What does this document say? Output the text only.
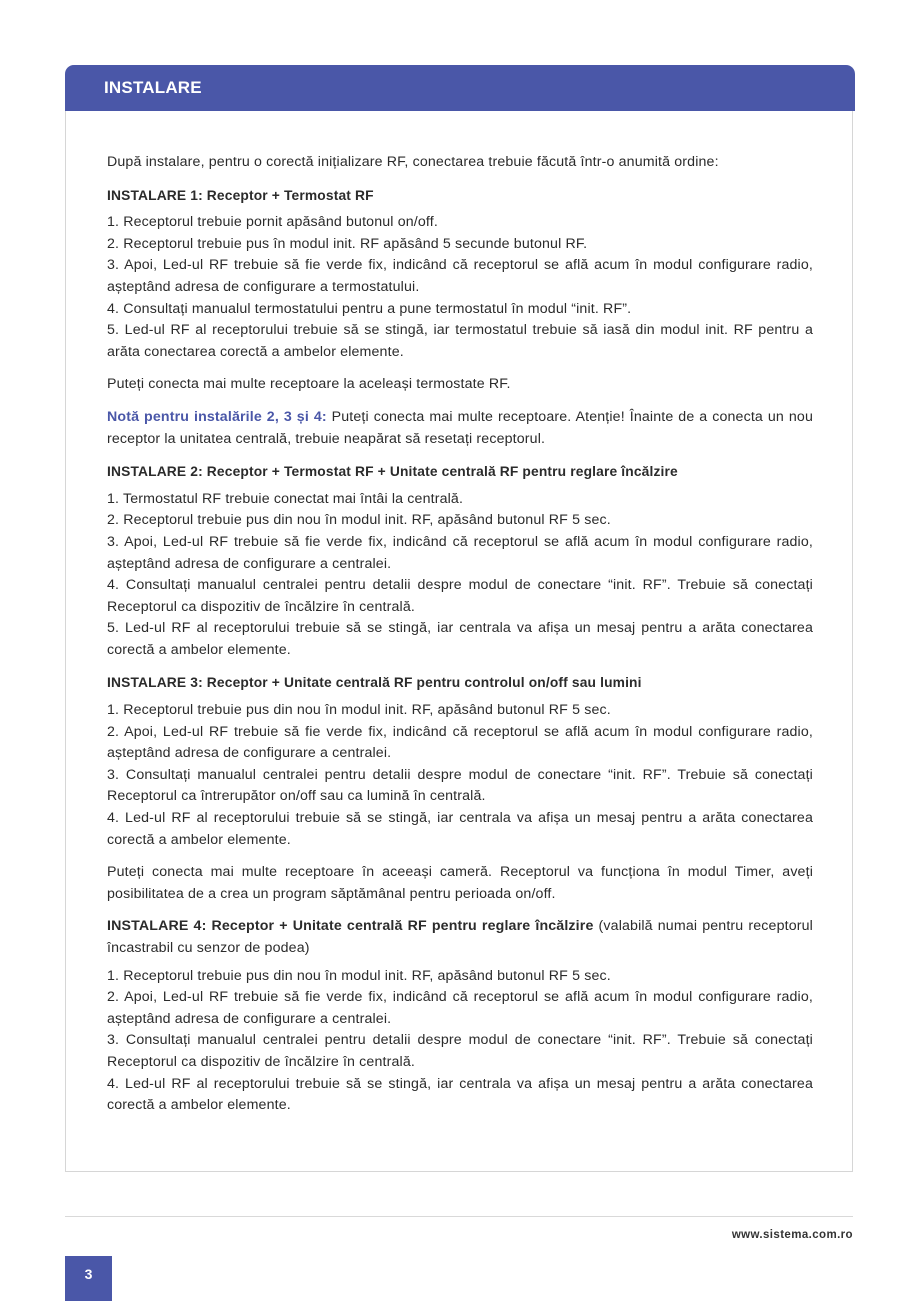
INSTALARE

După instalare, pentru o corectă inițializare RF, conectarea trebuie făcută într-o anumită ordine:

INSTALARE 1: Receptor + Termostat RF

1. Receptorul trebuie pornit apăsând butonul on/off.

2. Receptorul trebuie pus în modul init. RF apăsând 5 secunde butonul RF.

3. Apoi, Led-ul RF trebuie să fie verde fix, indicând că receptorul se află acum în modul configurare radio, așteptând adresa de configurare a termostatului.

4. Consultați manualul termostatului pentru a pune termostatul în modul “init. RF”.

5. Led-ul RF al receptorului trebuie să se stingă, iar termostatul trebuie să iasă din modul init. RF pentru a arăta conectarea corectă a ambelor elemente.

Puteți conecta mai multe receptoare la aceleași termostate RF.

Notă pentru instalările 2, 3 și 4: Puteți conecta mai multe receptoare. Atenție! Înainte de a conecta un nou receptor la unitatea centrală, trebuie neapărat să resetați receptorul.

INSTALARE 2: Receptor + Termostat RF + Unitate centrală RF pentru reglare încălzire

1. Termostatul RF trebuie conectat mai întâi la centrală.

2. Receptorul trebuie pus din nou în modul init. RF, apăsând butonul RF 5 sec.

3. Apoi, Led-ul RF trebuie să fie verde fix, indicând că receptorul se află acum în modul configurare radio, așteptând adresa de configurare a centralei.

4. Consultați manualul centralei pentru detalii despre modul de conectare “init. RF”. Trebuie să conectați Receptorul ca dispozitiv de încălzire în centrală.

5. Led-ul RF al receptorului trebuie să se stingă, iar centrala va afișa un mesaj pentru a arăta conectarea corectă a ambelor elemente.

INSTALARE 3: Receptor + Unitate centrală RF pentru controlul on/off sau lumini

1. Receptorul trebuie pus din nou în modul init. RF, apăsând butonul RF 5 sec.

2. Apoi, Led-ul RF trebuie să fie verde fix, indicând că receptorul se află acum în modul configurare radio, așteptând adresa de configurare a centralei.

3. Consultați manualul centralei pentru detalii despre modul de conectare “init. RF”. Trebuie să conectați Receptorul ca întrerupător on/off sau ca lumină în centrală.

4. Led-ul RF al receptorului trebuie să se stingă, iar centrala va afișa un mesaj pentru a arăta conectarea corectă a ambelor elemente.

Puteți conecta mai multe receptoare în aceeași cameră. Receptorul va funcționa în modul Timer, aveți posibilitatea de a crea un program săptămânal pentru perioada on/off.

INSTALARE 4: Receptor + Unitate centrală RF pentru reglare încălzire (valabilă numai pentru receptorul încastrabil cu senzor de podea)

1. Receptorul trebuie pus din nou în modul init. RF, apăsând butonul RF 5 sec.

2. Apoi, Led-ul RF trebuie să fie verde fix, indicând că receptorul se află acum în modul configurare radio, așteptând adresa de configurare a centralei.

3. Consultați manualul centralei pentru detalii despre modul de conectare “init. RF”. Trebuie să conectați Receptorul ca dispozitiv de încălzire în centrală.

4. Led-ul RF al receptorului trebuie să se stingă, iar centrala va afișa un mesaj pentru a arăta conectarea corectă a ambelor elemente.

www.sistema.com.ro
3
